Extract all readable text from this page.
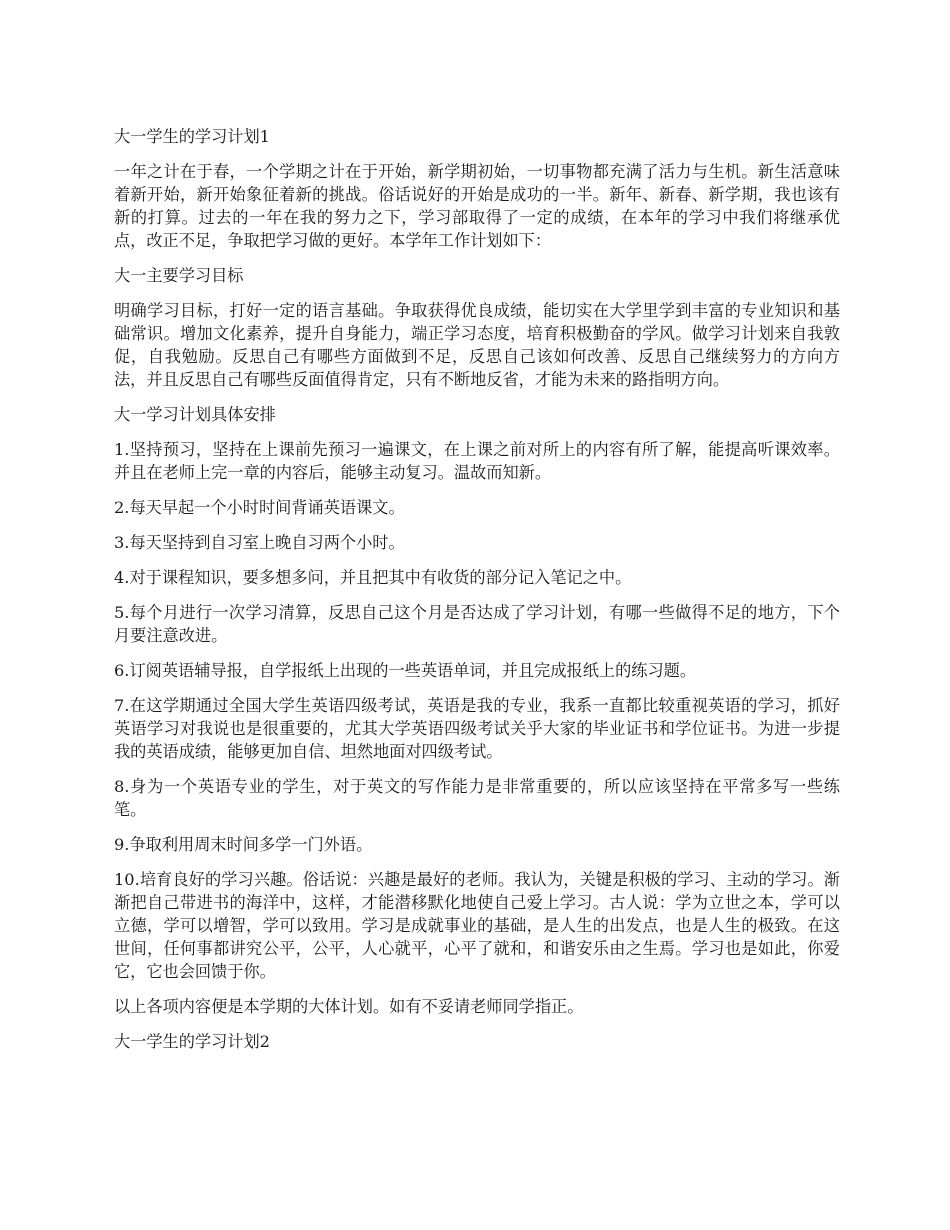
大一学生的学习计划1

一年之计在于春，一个学期之计在于开始，新学期初始，一切事物都充满了活力与生机。新生活意味着新开始，新开始象征着新的挑战。俗话说好的开始是成功的一半。新年、新春、新学期，我也该有新的打算。过去的一年在我的努力之下，学习部取得了一定的成绩，在本年的学习中我们将继承优点，改正不足，争取把学习做的更好。本学年工作计划如下：

大一主要学习目标

明确学习目标，打好一定的语言基础。争取获得优良成绩，能切实在大学里学到丰富的专业知识和基础常识。增加文化素养，提升自身能力，端正学习态度，培育积极勤奋的学风。做学习计划来自我敦促，自我勉励。反思自己有哪些方面做到不足，反思自己该如何改善、反思自己继续努力的方向方法，并且反思自己有哪些反面值得肯定，只有不断地反省，才能为未来的路指明方向。

大一学习计划具体安排

1.坚持预习，坚持在上课前先预习一遍课文，在上课之前对所上的内容有所了解，能提高听课效率。并且在老师上完一章的内容后，能够主动复习。温故而知新。

2.每天早起一个小时时间背诵英语课文。

3.每天坚持到自习室上晚自习两个小时。

4.对于课程知识，要多想多问，并且把其中有收货的部分记入笔记之中。

5.每个月进行一次学习清算，反思自己这个月是否达成了学习计划，有哪一些做得不足的地方，下个月要注意改进。

6.订阅英语辅导报，自学报纸上出现的一些英语单词，并且完成报纸上的练习题。

7.在这学期通过全国大学生英语四级考试，英语是我的专业，我系一直都比较重视英语的学习，抓好英语学习对我说也是很重要的，尤其大学英语四级考试关乎大家的毕业证书和学位证书。为进一步提我的英语成绩，能够更加自信、坦然地面对四级考试。

8.身为一个英语专业的学生，对于英文的写作能力是非常重要的，所以应该坚持在平常多写一些练笔。

9.争取利用周末时间多学一门外语。

10.培育良好的学习兴趣。俗话说：兴趣是最好的老师。我认为，关键是积极的学习、主动的学习。渐渐把自己带进书的海洋中，这样，才能潜移默化地使自己爱上学习。古人说：学为立世之本，学可以立德，学可以增智，学可以致用。学习是成就事业的基础，是人生的出发点，也是人生的极致。在这世间，任何事都讲究公平，公平，人心就平，心平了就和，和谐安乐由之生焉。学习也是如此，你爱它，它也会回馈于你。

以上各项内容便是本学期的大体计划。如有不妥请老师同学指正。

大一学生的学习计划2
